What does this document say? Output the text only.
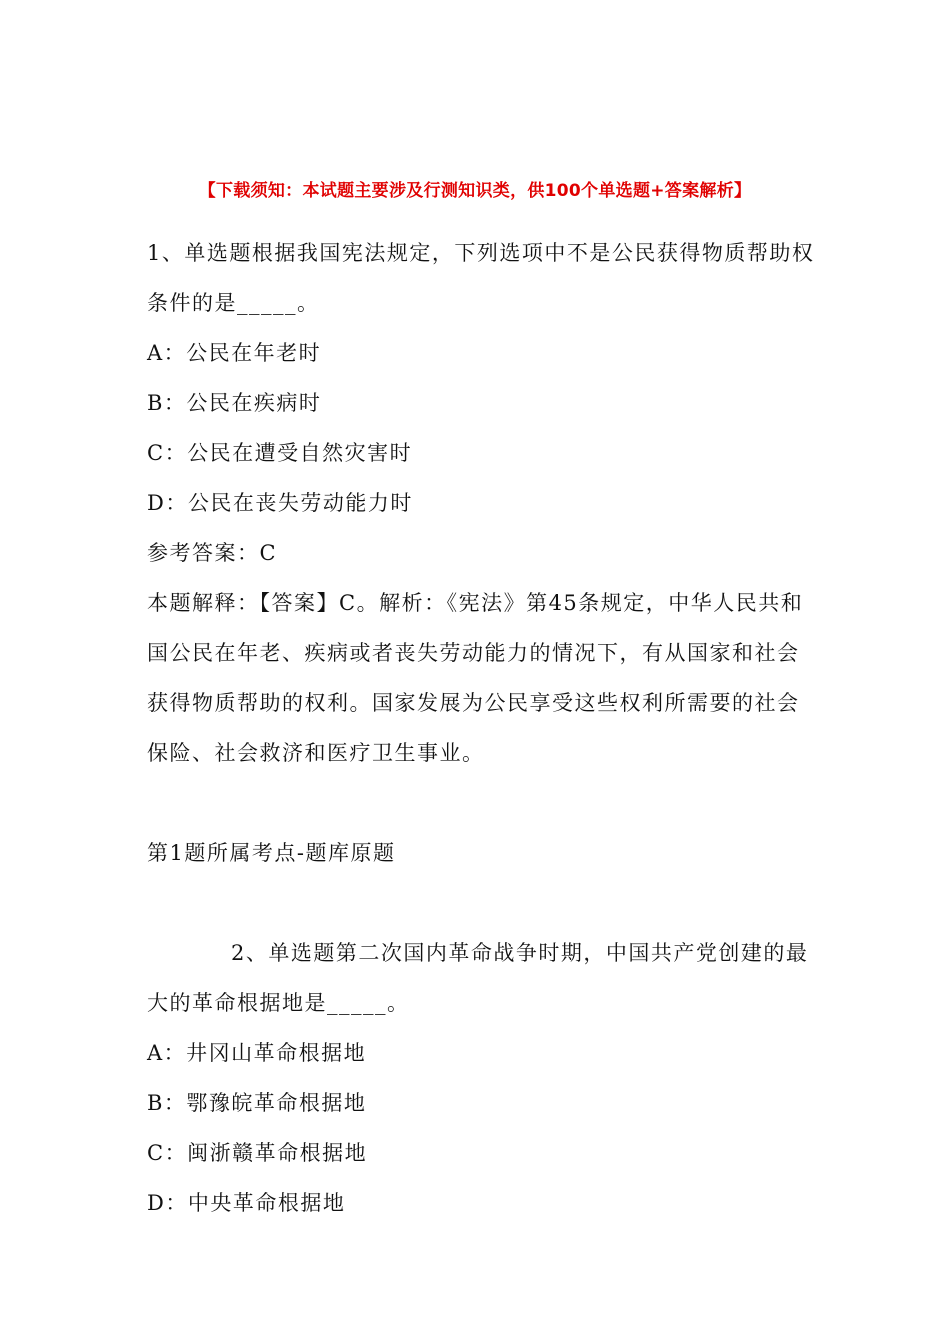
【下载须知：本试题主要涉及行测知识类，供100个单选题+答案解析】
1、单选题根据我国宪法规定，下列选项中不是公民获得物质帮助权
条件的是_____。
A：公民在年老时
B：公民在疾病时
C：公民在遭受自然灾害时
D：公民在丧失劳动能力时
参考答案：C
本题解释：【答案】C。解析：《宪法》第45条规定，中华人民共和
国公民在年老、疾病或者丧失劳动能力的情况下，有从国家和社会
获得物质帮助的权利。国家发展为公民享受这些权利所需要的社会
保险、社会救济和医疗卫生事业。
第1题所属考点-题库原题
2、单选题第二次国内革命战争时期，中国共产党创建的最
大的革命根据地是_____。
A：井冈山革命根据地
B：鄂豫皖革命根据地
C：闽浙赣革命根据地
D：中央革命根据地
